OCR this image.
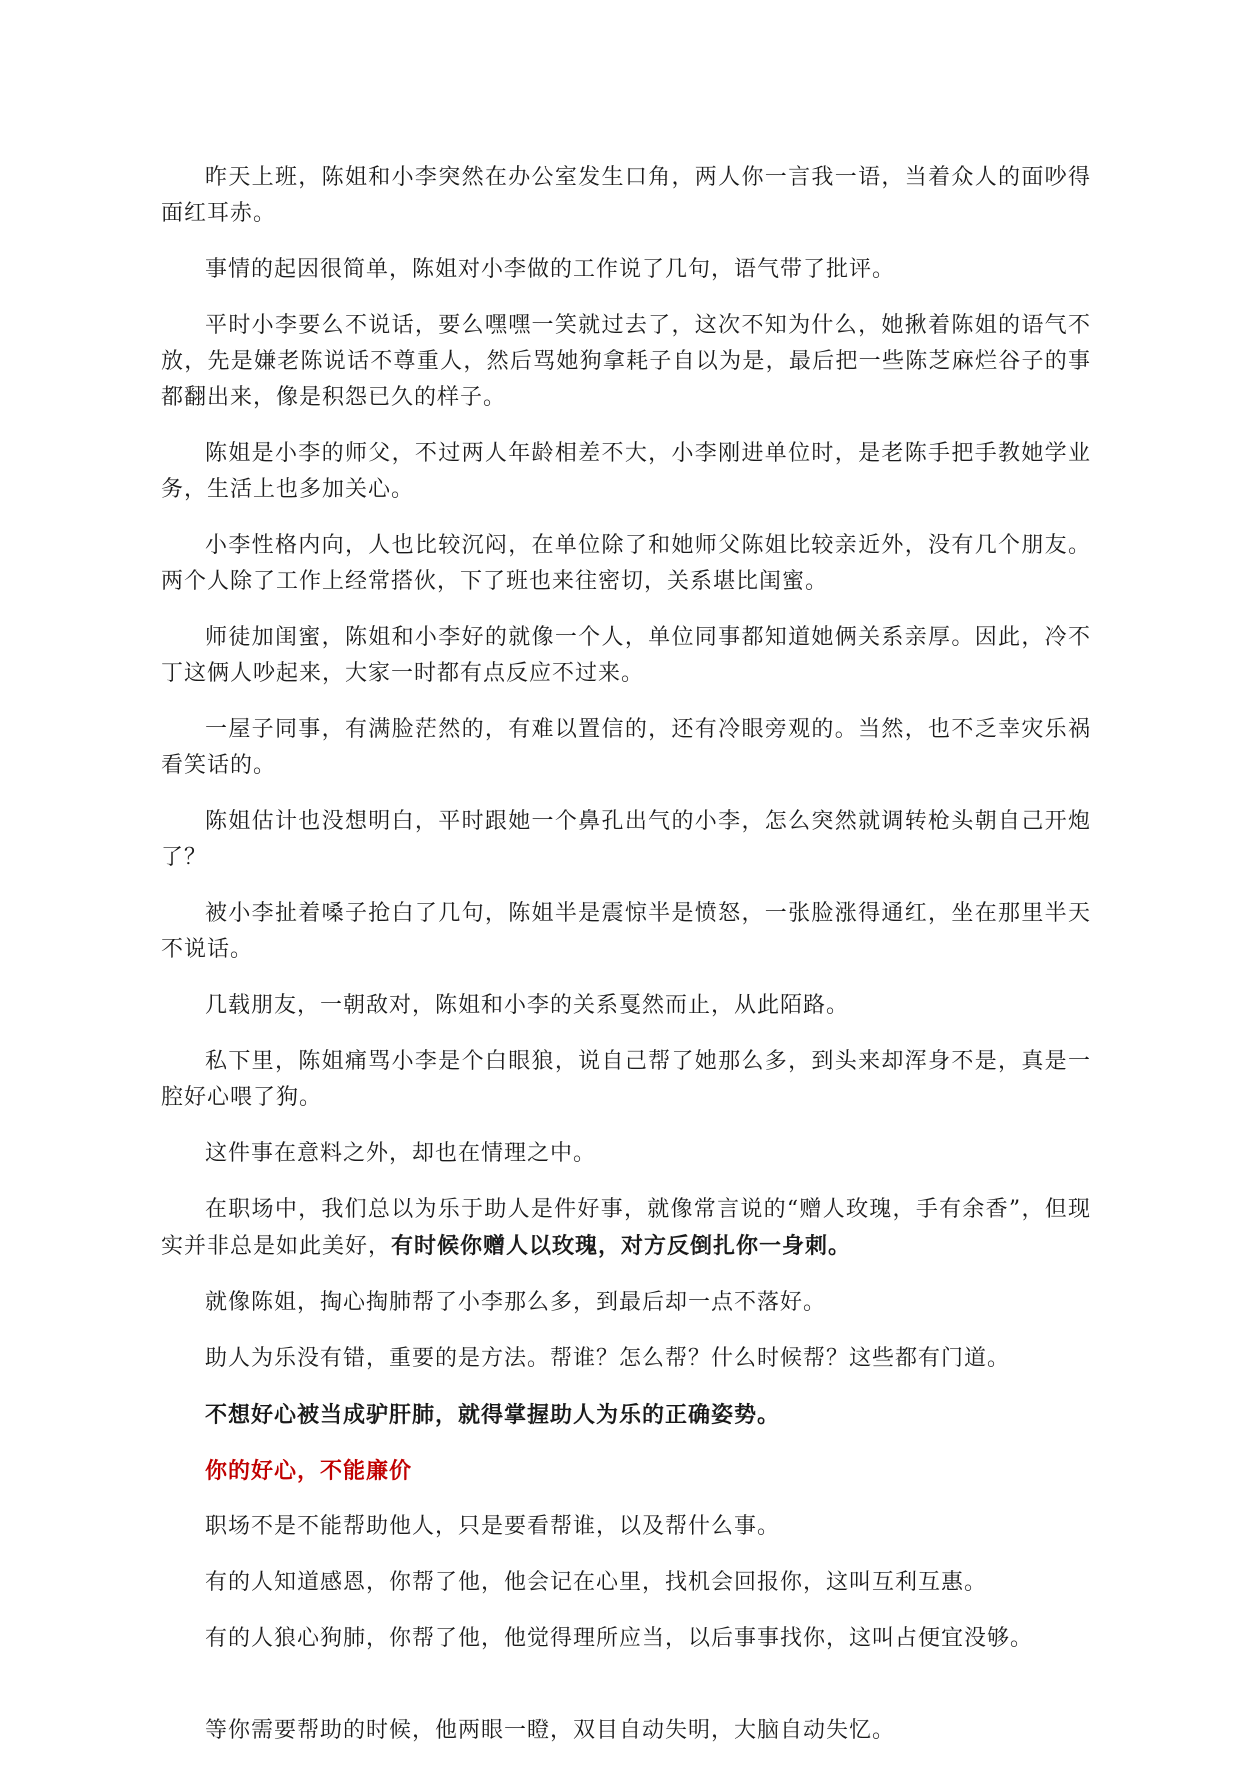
昨天上班，陈姐和小李突然在办公室发生口角，两人你一言我一语，当着众人的面吵得面红耳赤。

事情的起因很简单，陈姐对小李做的工作说了几句，语气带了批评。

平时小李要么不说话，要么嘿嘿一笑就过去了，这次不知为什么，她揪着陈姐的语气不放，先是嫌老陈说话不尊重人，然后骂她狗拿耗子自以为是，最后把一些陈芝麻烂谷子的事都翻出来，像是积怨已久的样子。

陈姐是小李的师父，不过两人年龄相差不大，小李刚进单位时，是老陈手把手教她学业务，生活上也多加关心。

小李性格内向，人也比较沉闷，在单位除了和她师父陈姐比较亲近外，没有几个朋友。两个人除了工作上经常搭伙，下了班也来往密切，关系堪比闺蜜。

师徒加闺蜜，陈姐和小李好的就像一个人，单位同事都知道她俩关系亲厚。因此，冷不丁这俩人吵起来，大家一时都有点反应不过来。

一屋子同事，有满脸茫然的，有难以置信的，还有冷眼旁观的。当然，也不乏幸灾乐祸看笑话的。

陈姐估计也没想明白，平时跟她一个鼻孔出气的小李，怎么突然就调转枪头朝自己开炮了？

被小李扯着嗓子抢白了几句，陈姐半是震惊半是愤怒，一张脸涨得通红，坐在那里半天不说话。

几载朋友，一朝敌对，陈姐和小李的关系戛然而止，从此陌路。

私下里，陈姐痛骂小李是个白眼狼，说自己帮了她那么多，到头来却浑身不是，真是一腔好心喂了狗。

这件事在意料之外，却也在情理之中。

在职场中，我们总以为乐于助人是件好事，就像常言说的“赠人玫瑰，手有余香”，但现实并非总是如此美好，有时候你赠人以玫瑰，对方反倒扎你一身刺。

就像陈姐，掏心掏肺帮了小李那么多，到最后却一点不落好。

助人为乐没有错，重要的是方法。帮谁？怎么帮？什么时候帮？这些都有门道。

不想好心被当成驴肝肺，就得掌握助人为乐的正确姿势。

你的好心，不能廉价

职场不是不能帮助他人，只是要看帮谁，以及帮什么事。

有的人知道感恩，你帮了他，他会记在心里，找机会回报你，这叫互利互惠。

有的人狼心狗肺，你帮了他，他觉得理所应当，以后事事找你，这叫占便宜没够。

等你需要帮助的时候，他两眼一瞪，双目自动失明，大脑自动失忆。
